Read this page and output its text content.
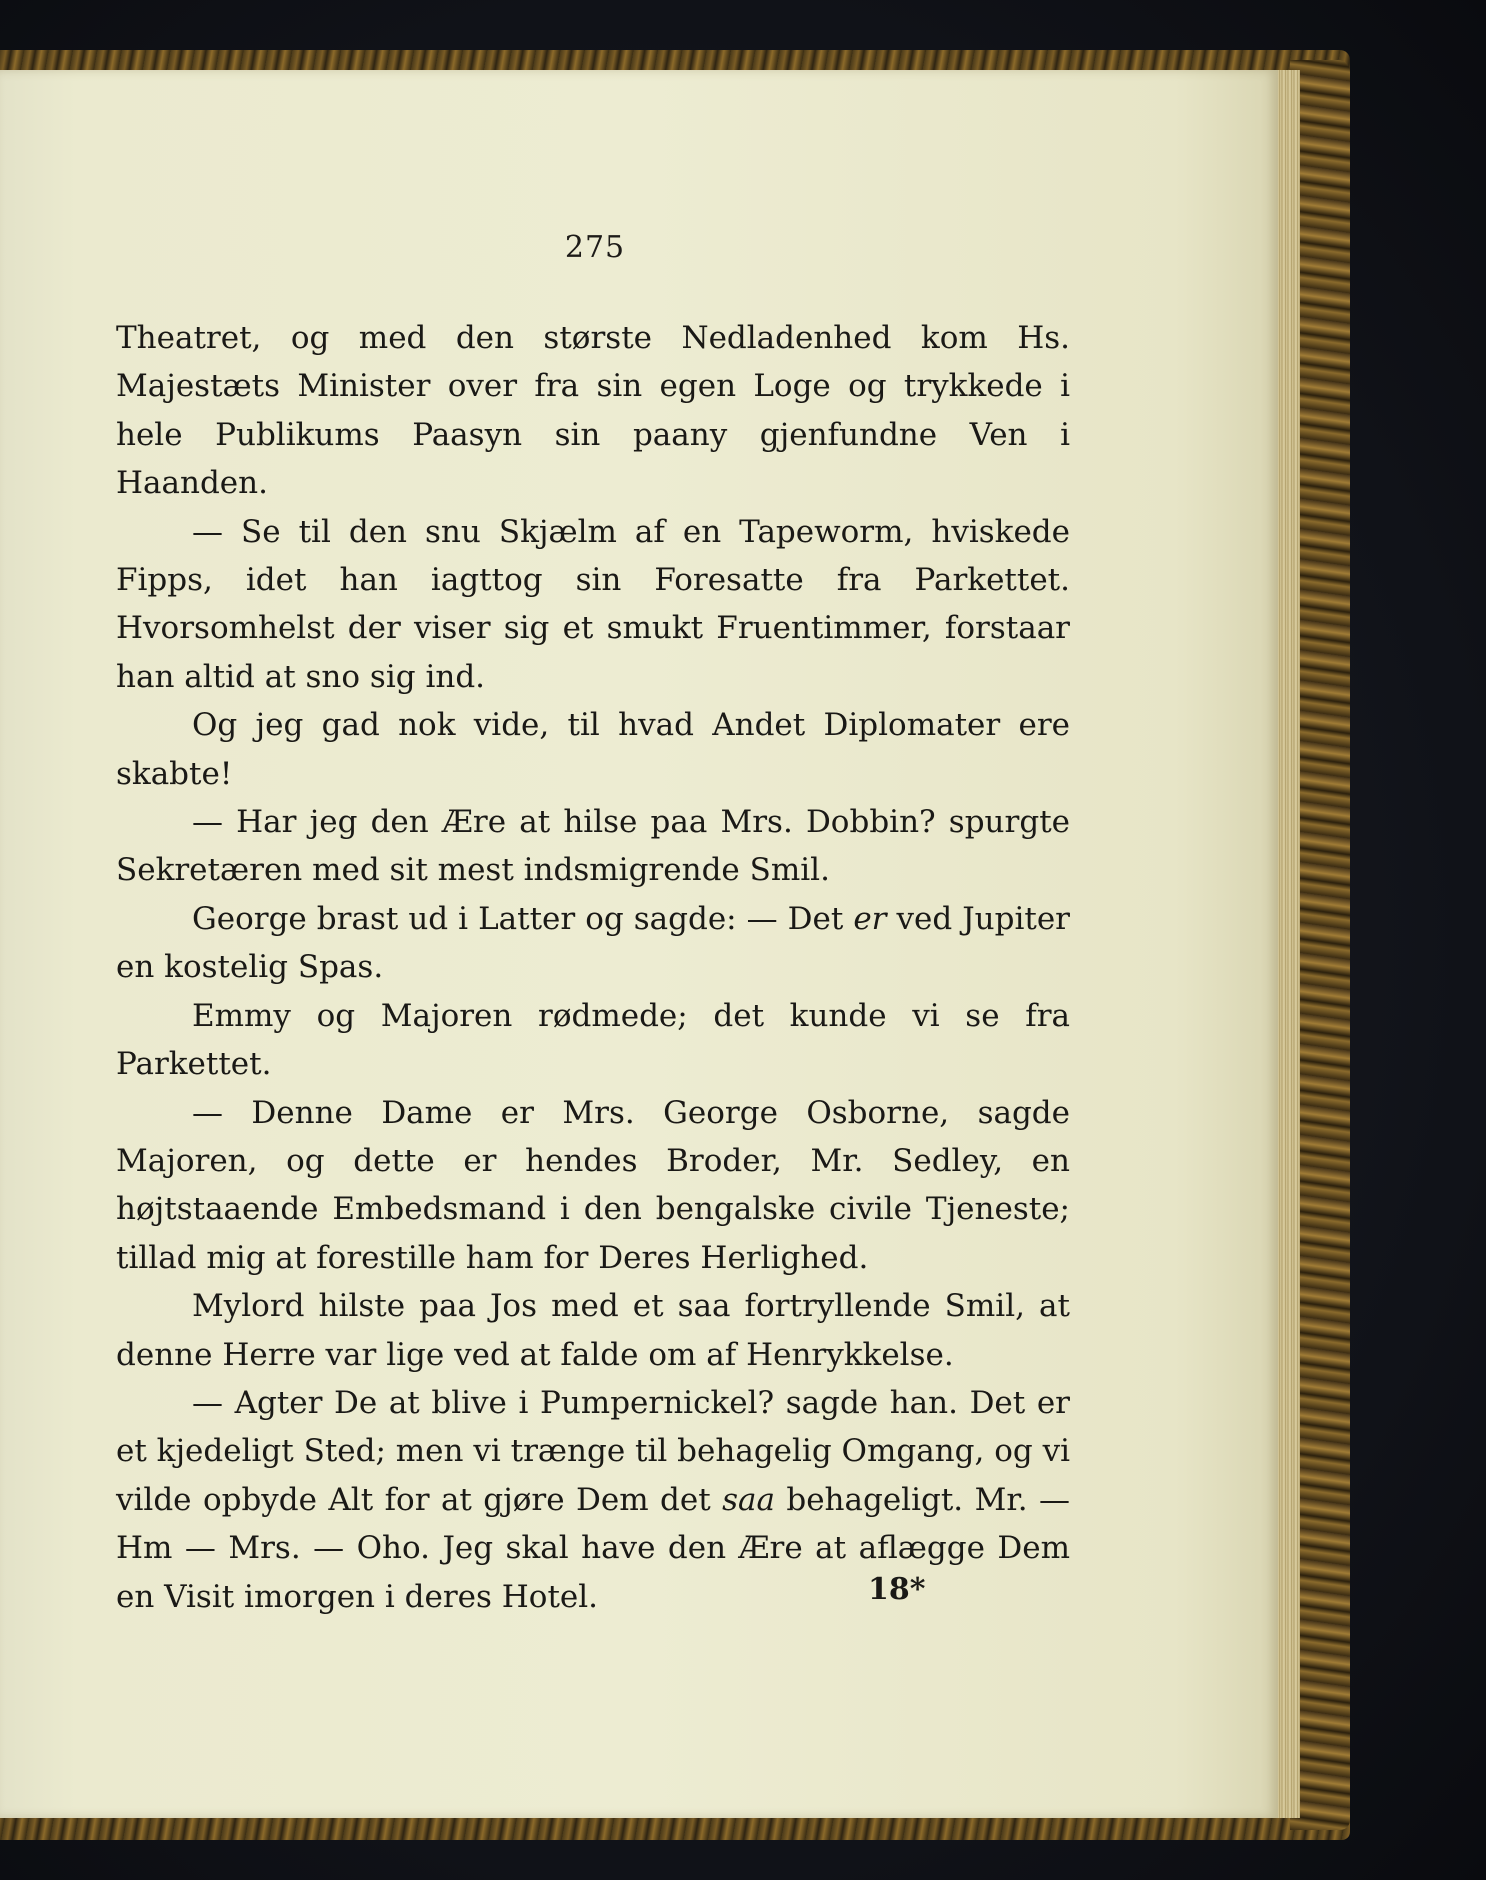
275

Theatret, og med den største Nedladenhed kom Hs. Majestæts Minister over fra sin egen Loge og trykkede i hele Publikums Paasyn sin paany gjenfundne Ven i Haanden.

— Se til den snu Skjælm af en Tapeworm, hviskede Fipps, idet han iagttog sin Foresatte fra Parkettet. Hvorsomhelst der viser sig et smukt Fruentimmer, forstaar han altid at sno sig ind.

Og jeg gad nok vide, til hvad Andet Diplomater ere skabte!

— Har jeg den Ære at hilse paa Mrs. Dobbin? spurgte Sekretæren med sit mest indsmigrende Smil.

George brast ud i Latter og sagde: — Det er ved Jupiter en kostelig Spas.

Emmy og Majoren rødmede; det kunde vi se fra Parkettet.

— Denne Dame er Mrs. George Osborne, sagde Majoren, og dette er hendes Broder, Mr. Sedley, en højtstaaende Embedsmand i den bengalske civile Tjeneste; tillad mig at forestille ham for Deres Herlighed.

Mylord hilste paa Jos med et saa fortryllende Smil, at denne Herre var lige ved at falde om af Henrykkelse.

— Agter De at blive i Pumpernickel? sagde han. Det er et kjedeligt Sted; men vi trænge til behagelig Omgang, og vi vilde opbyde Alt for at gjøre Dem det saa behageligt. Mr. — Hm — Mrs. — Oho. Jeg skal have den Ære at aflægge Dem en Visit imorgen i deres Hotel.	18*
